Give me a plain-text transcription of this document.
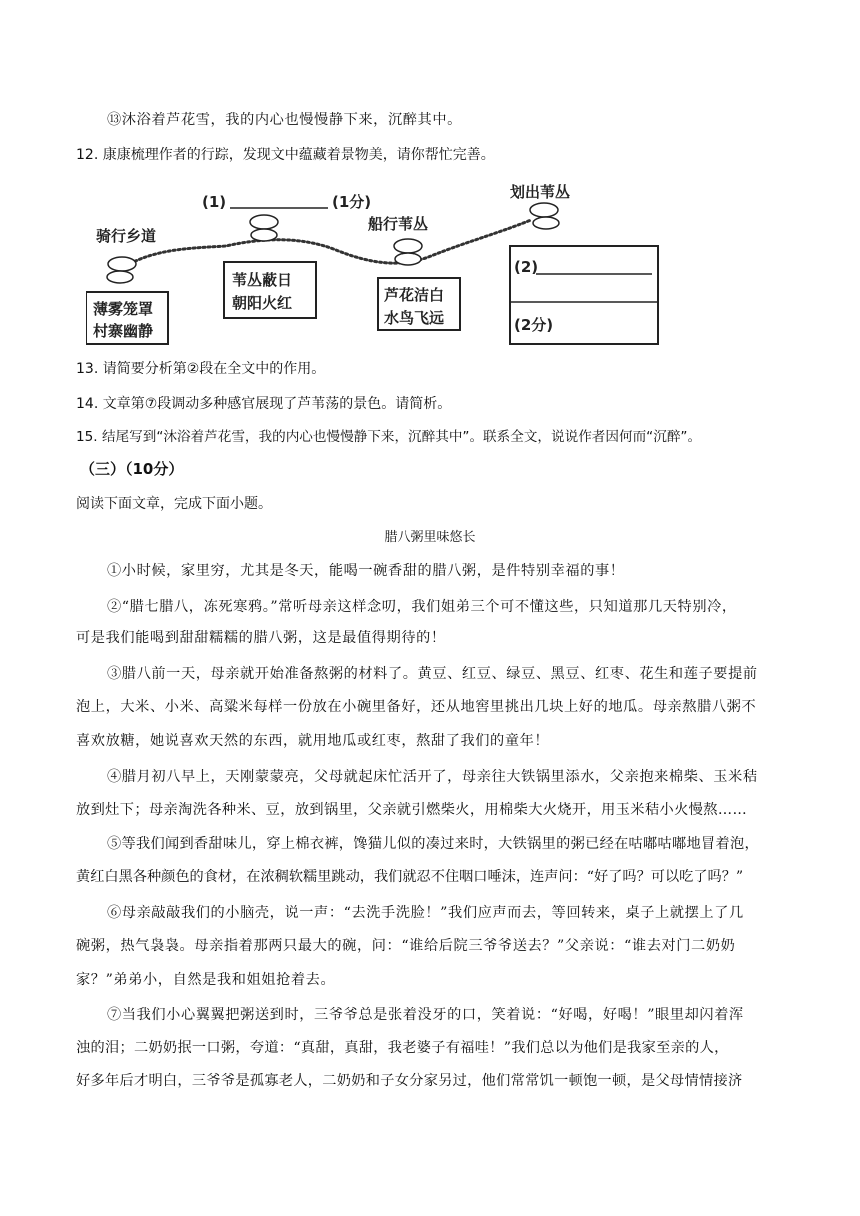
⑬沐浴着芦花雪，我的内心也慢慢静下来，沉醉其中。
12. 康康梳理作者的行踪，发现文中蕴藏着景物美，请你帮忙完善。
(1)	(1分)
骑行乡道
船行苇丛
划出苇丛
薄雾笼罩
村寨幽静
苇丛蔽日
朝阳火红	芦花洁白
水鸟飞远
(2)
(2分)
13. 请简要分析第②段在全文中的作用。
14. 文章第⑦段调动多种感官展现了芦苇荡的景色。请简析。
15. 结尾写到“沐浴着芦花雪，我的内心也慢慢静下来，沉醉其中”。联系全文，说说作者因何而“沉醉”。
（三）（10分）
阅读下面文章，完成下面小题。
腊八粥里味悠长
①小时候，家里穷，尤其是冬天，能喝一碗香甜的腊八粥，是件特别幸福的事！
②“腊七腊八，冻死寒鸦。”常听母亲这样念叨，我们姐弟三个可不懂这些，只知道那几天特别冷，
可是我们能喝到甜甜糯糯的腊八粥，这是最值得期待的！
③腊八前一天，母亲就开始准备熬粥的材料了。黄豆、红豆、绿豆、黑豆、红枣、花生和莲子要提前
泡上，大米、小米、高粱米每样一份放在小碗里备好，还从地窖里挑出几块上好的地瓜。母亲熬腊八粥不
喜欢放糖，她说喜欢天然的东西，就用地瓜或红枣，熬甜了我们的童年！
④腊月初八早上，天刚蒙蒙亮，父母就起床忙活开了，母亲往大铁锅里添水，父亲抱来棉柴、玉米秸
放到灶下；母亲淘洗各种米、豆，放到锅里，父亲就引燃柴火，用棉柴大火烧开，用玉米秸小火慢熬……
⑤等我们闻到香甜味儿，穿上棉衣裤，馋猫儿似的凑过来时，大铁锅里的粥已经在咕嘟咕嘟地冒着泡，
黄红白黑各种颜色的食材，在浓稠软糯里跳动，我们就忍不住咽口唾沫，连声问：“好了吗？可以吃了吗？”
⑥母亲敲敲我们的小脑壳，说一声：“去洗手洗脸！”我们应声而去，等回转来，桌子上就摆上了几
碗粥，热气袅袅。母亲指着那两只最大的碗，问：“谁给后院三爷爷送去？”父亲说：“谁去对门二奶奶
家？”弟弟小，自然是我和姐姐抢着去。
⑦当我们小心翼翼把粥送到时，三爷爷总是张着没牙的口，笑着说：“好喝，好喝！”眼里却闪着浑
浊的泪；二奶奶抿一口粥，夸道：“真甜，真甜，我老婆子有福哇！”我们总以为他们是我家至亲的人，
好多年后才明白，三爷爷是孤寡老人，二奶奶和子女分家另过，他们常常饥一顿饱一顿，是父母情情接济
